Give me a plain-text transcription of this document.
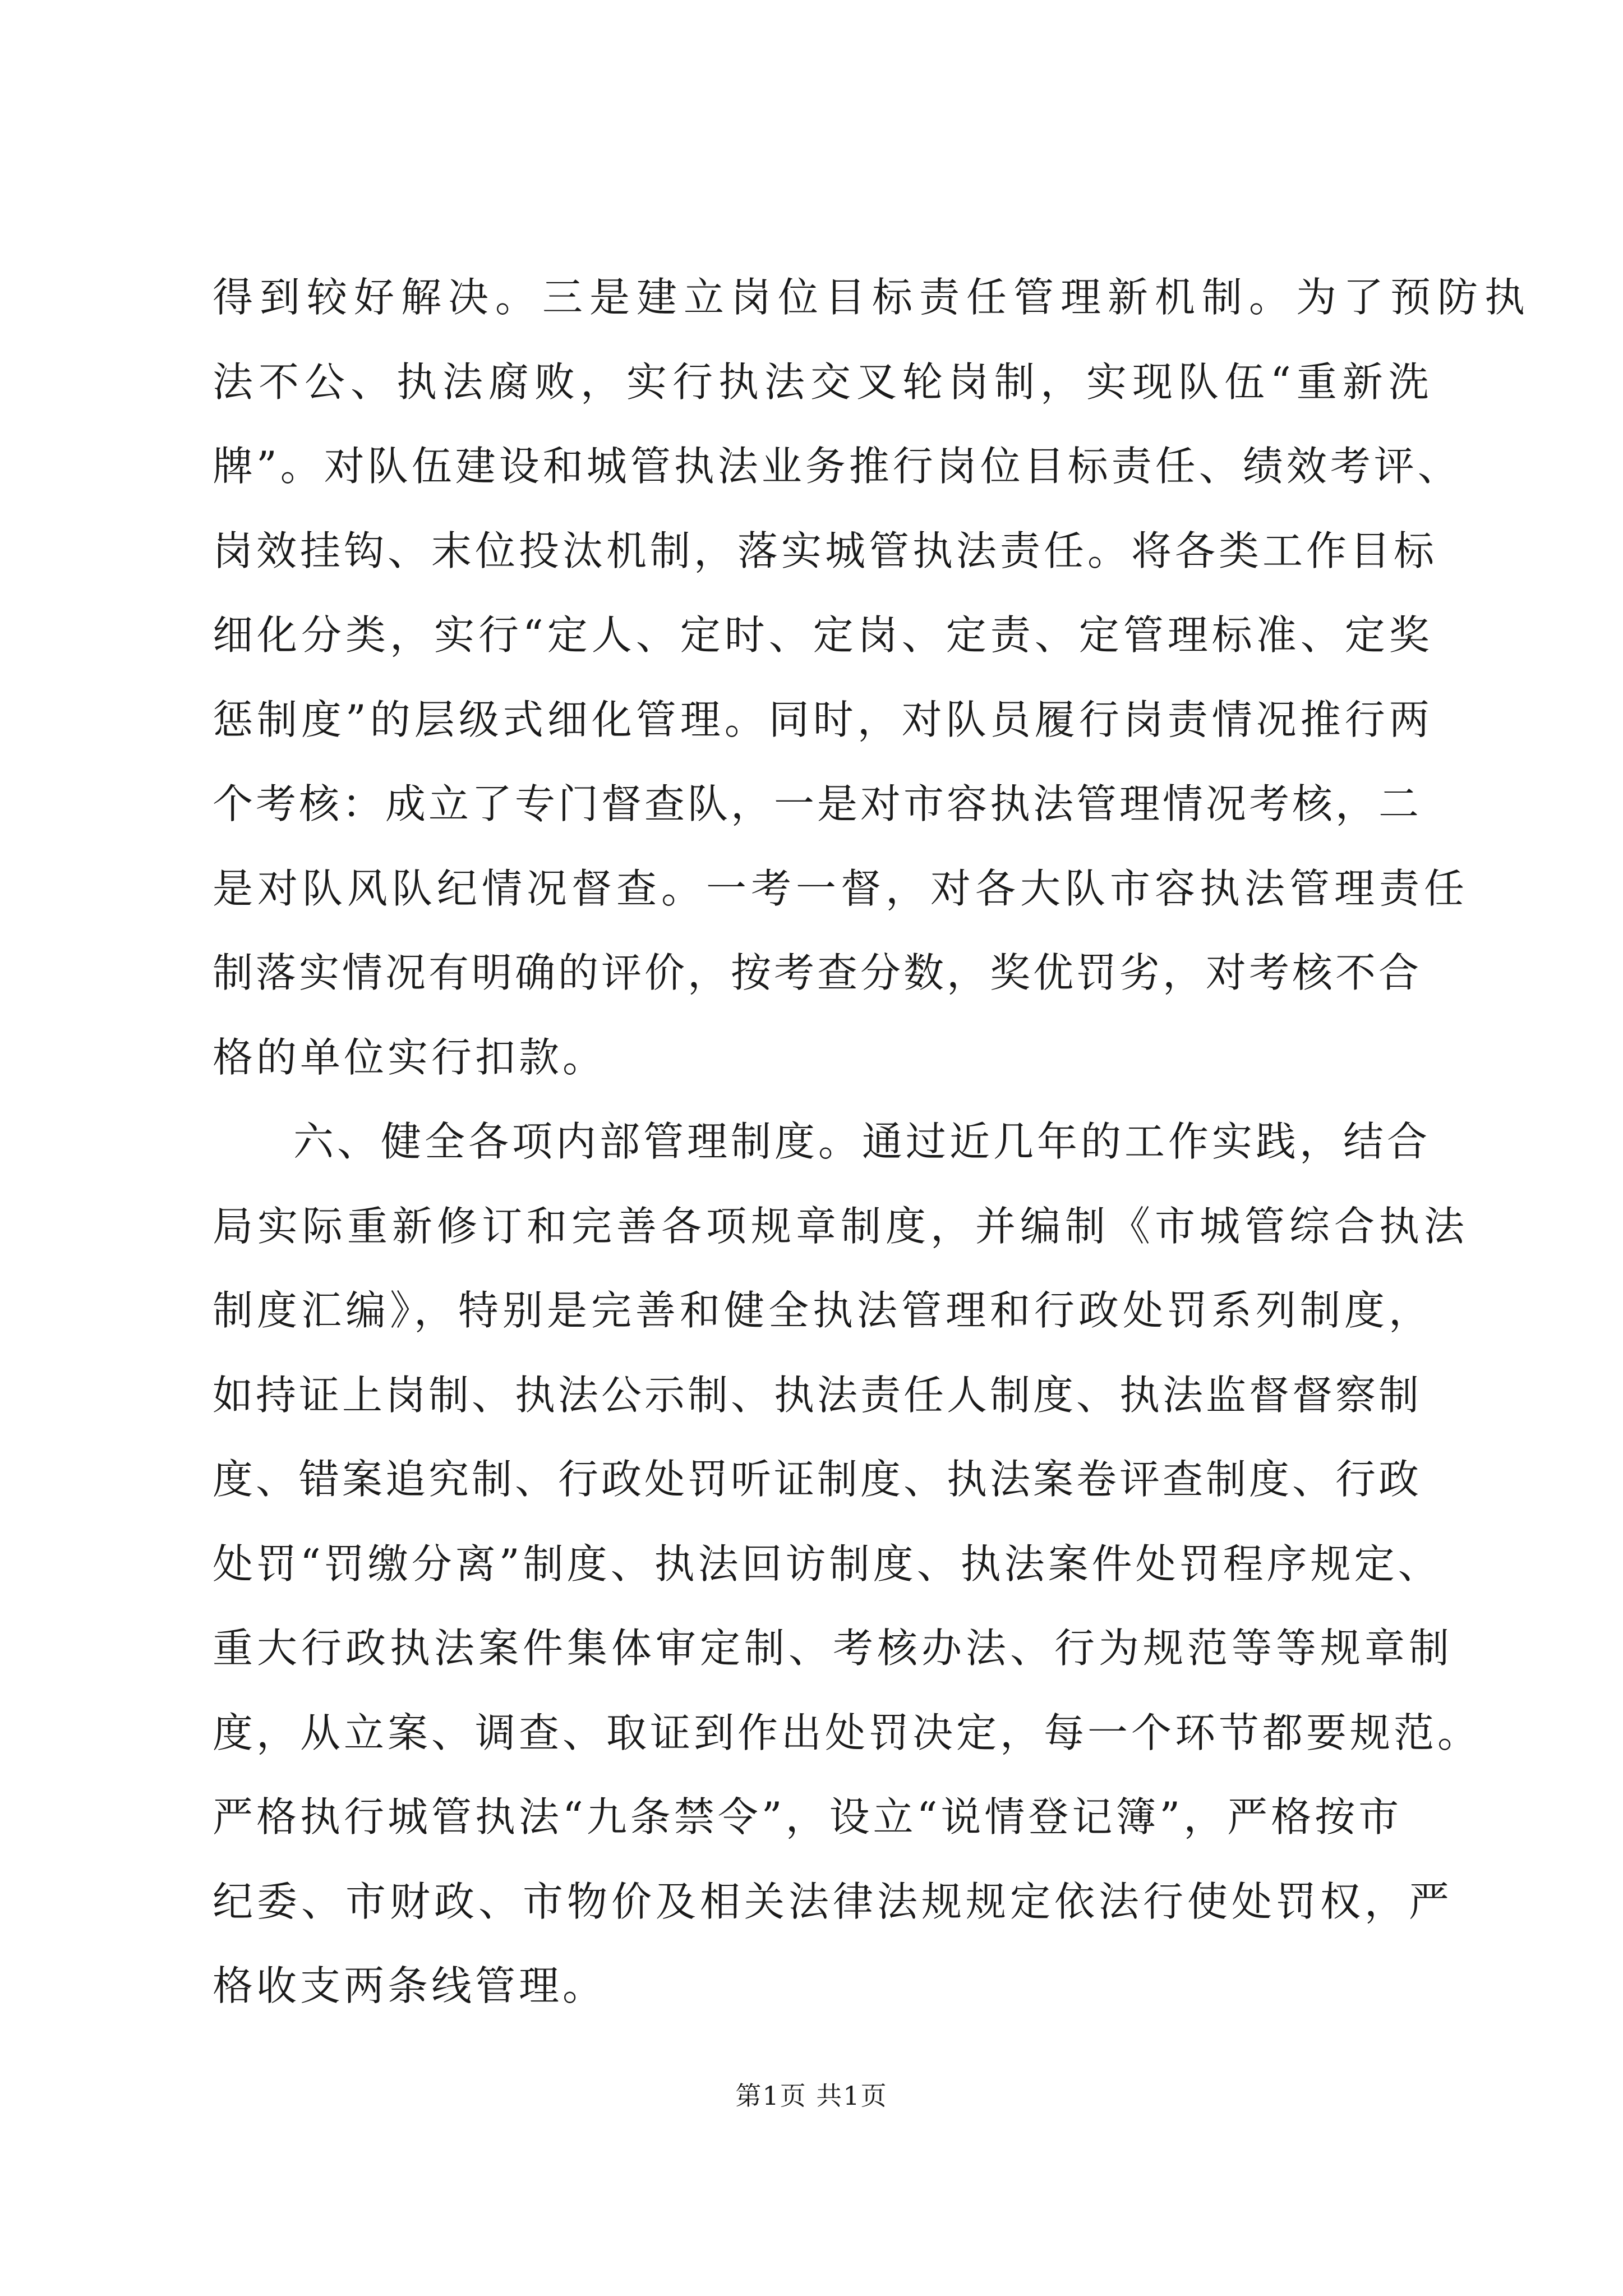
得到较好解决。三是建立岗位目标责任管理新机制。为了预防执
法不公、执法腐败，实行执法交叉轮岗制，实现队伍“重新洗
牌”。对队伍建设和城管执法业务推行岗位目标责任、绩效考评、
岗效挂钩、末位投汰机制，落实城管执法责任。将各类工作目标
细化分类，实行“定人、定时、定岗、定责、定管理标准、定奖
惩制度”的层级式细化管理。同时，对队员履行岗责情况推行两
个考核：成立了专门督查队，一是对市容执法管理情况考核，二
是对队风队纪情况督查。一考一督，对各大队市容执法管理责任
制落实情况有明确的评价，按考查分数，奖优罚劣，对考核不合
格的单位实行扣款。
六、健全各项内部管理制度。通过近几年的工作实践，结合
局实际重新修订和完善各项规章制度，并编制《市城管综合执法
制度汇编》，特别是完善和健全执法管理和行政处罚系列制度，
如持证上岗制、执法公示制、执法责任人制度、执法监督督察制
度、错案追究制、行政处罚听证制度、执法案卷评查制度、行政
处罚“罚缴分离”制度、执法回访制度、执法案件处罚程序规定、
重大行政执法案件集体审定制、考核办法、行为规范等等规章制
度，从立案、调查、取证到作出处罚决定，每一个环节都要规范。
严格执行城管执法“九条禁令”，设立“说情登记簿”，严格按市
纪委、市财政、市物价及相关法律法规规定依法行使处罚权，严
格收支两条线管理。
第1页 共1页
